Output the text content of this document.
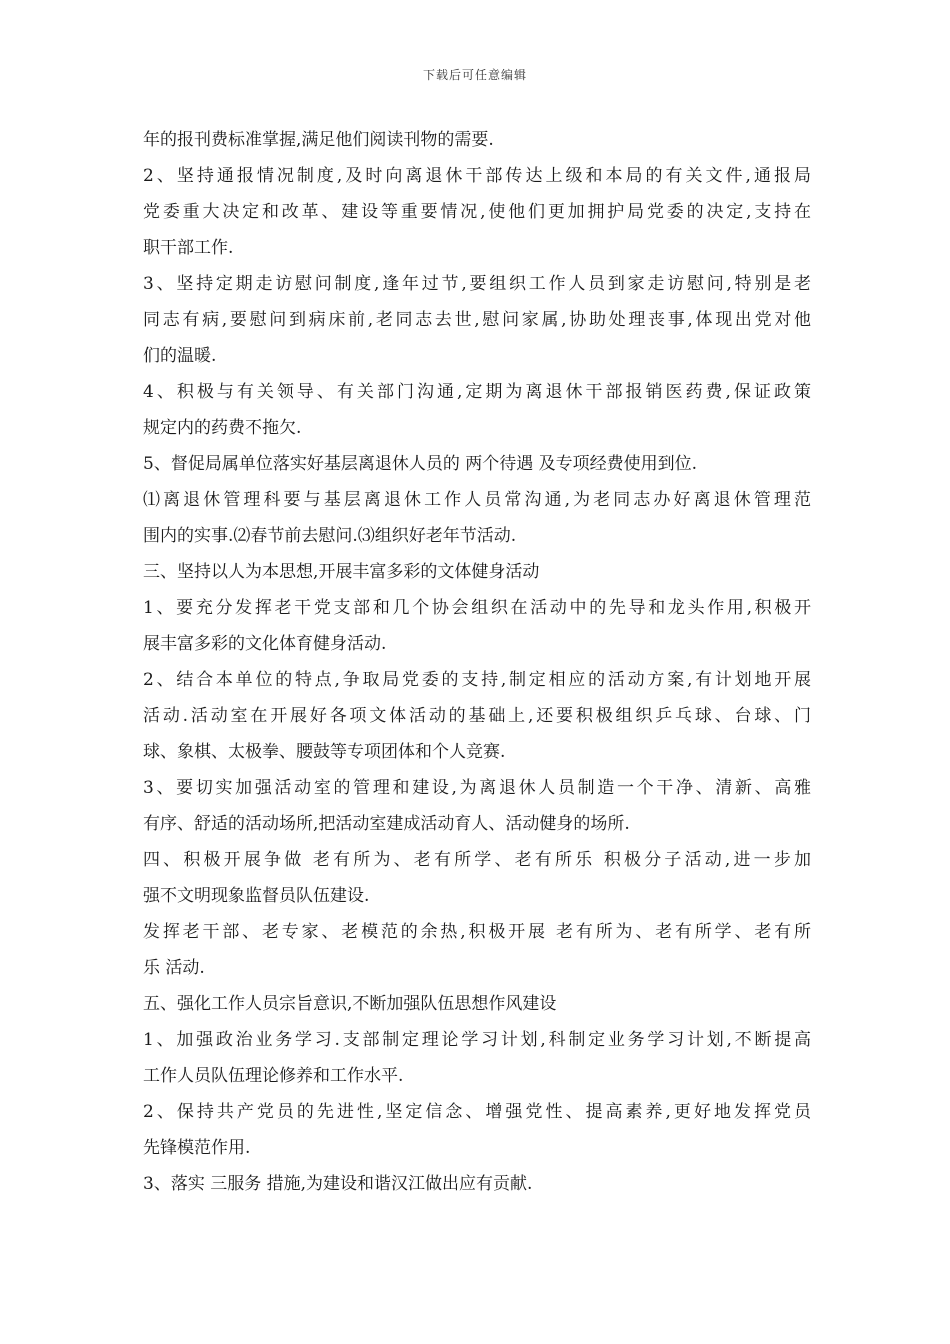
下载后可任意编辑
年的报刊费标准掌握,满足他们阅读刊物的需要.
2、坚持通报情况制度,及时向离退休干部传达上级和本局的有关文件,通报局
党委重大决定和改革、建设等重要情况,使他们更加拥护局党委的决定,支持在
职干部工作.
3、坚持定期走访慰问制度,逢年过节,要组织工作人员到家走访慰问,特别是老
同志有病,要慰问到病床前,老同志去世,慰问家属,协助处理丧事,体现出党对他
们的温暖.
4、积极与有关领导、有关部门沟通,定期为离退休干部报销医药费,保证政策
规定内的药费不拖欠.
5、督促局属单位落实好基层离退休人员的 两个待遇 及专项经费使用到位.
⑴离退休管理科要与基层离退休工作人员常沟通,为老同志办好离退休管理范
围内的实事.⑵春节前去慰问.⑶组织好老年节活动.
三、坚持以人为本思想,开展丰富多彩的文体健身活动
1、要充分发挥老干党支部和几个协会组织在活动中的先导和龙头作用,积极开
展丰富多彩的文化体育健身活动.
2、结合本单位的特点,争取局党委的支持,制定相应的活动方案,有计划地开展
活动.活动室在开展好各项文体活动的基础上,还要积极组织乒乓球、台球、门
球、象棋、太极拳、腰鼓等专项团体和个人竞赛.
3、要切实加强活动室的管理和建设,为离退休人员制造一个干净、清新、高雅
有序、舒适的活动场所,把活动室建成活动育人、活动健身的场所.
四、积极开展争做 老有所为、老有所学、老有所乐 积极分子活动,进一步加
强不文明现象监督员队伍建设.
发挥老干部、老专家、老模范的余热,积极开展 老有所为、老有所学、老有所
乐 活动.
五、强化工作人员宗旨意识,不断加强队伍思想作风建设
1、加强政治业务学习.支部制定理论学习计划,科制定业务学习计划,不断提高
工作人员队伍理论修养和工作水平.
2、保持共产党员的先进性,坚定信念、增强党性、提高素养,更好地发挥党员
先锋模范作用.
3、落实 三服务 措施,为建设和谐汉江做出应有贡献.
